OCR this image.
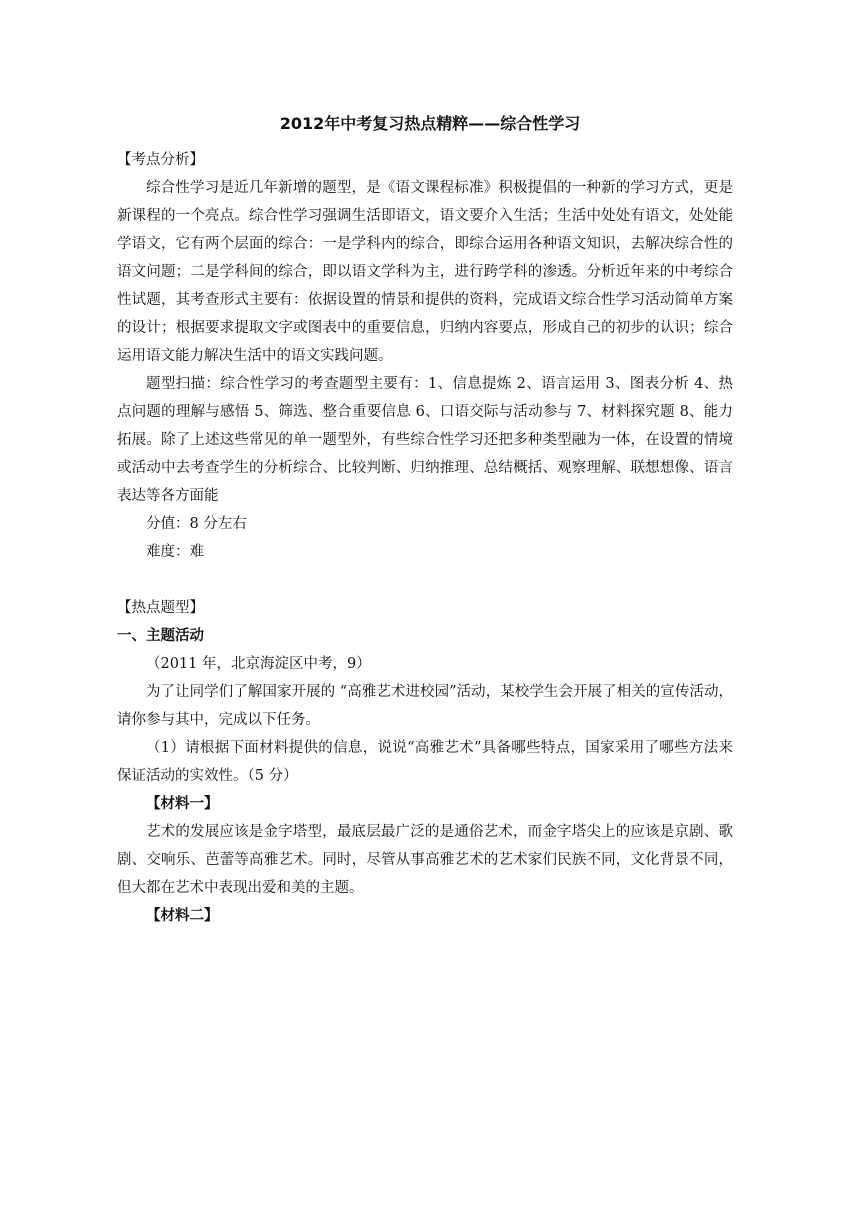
2012年中考复习热点精粹——综合性学习

【考点分析】

综合性学习是近几年新增的题型，是《语文课程标准》积极提倡的一种新的学习方式，更是新课程的一个亮点。综合性学习强调生活即语文，语文要介入生活；生活中处处有语文，处处能学语文，它有两个层面的综合：一是学科内的综合，即综合运用各种语文知识，去解决综合性的语文问题；二是学科间的综合，即以语文学科为主，进行跨学科的渗透。分析近年来的中考综合性试题，其考查形式主要有：依据设置的情景和提供的资料，完成语文综合性学习活动简单方案的设计；根据要求提取文字或图表中的重要信息，归纳内容要点，形成自己的初步的认识；综合运用语文能力解决生活中的语文实践问题。

题型扫描：综合性学习的考查题型主要有：1、信息提炼 2、语言运用 3、图表分析 4、热点问题的理解与感悟 5、筛选、整合重要信息 6、口语交际与活动参与 7、材料探究题 8、能力拓展。除了上述这些常见的单一题型外，有些综合性学习还把多种类型融为一体，在设置的情境或活动中去考查学生的分析综合、比较判断、归纳推理、总结概括、观察理解、联想想像、语言表达等各方面能

分值：8 分左右

难度：难

【热点题型】

一、主题活动

（2011 年，北京海淀区中考，9）

为了让同学们了解国家开展的 “高雅艺术进校园”活动，某校学生会开展了相关的宣传活动，请你参与其中，完成以下任务。

（1）请根据下面材料提供的信息，说说“高雅艺术”具备哪些特点，国家采用了哪些方法来保证活动的实效性。（5 分）

【材料一】

艺术的发展应该是金字塔型，最底层最广泛的是通俗艺术，而金字塔尖上的应该是京剧、歌剧、交响乐、芭蕾等高雅艺术。同时，尽管从事高雅艺术的艺术家们民族不同，文化背景不同，但大都在艺术中表现出爱和美的主题。

【材料二】
